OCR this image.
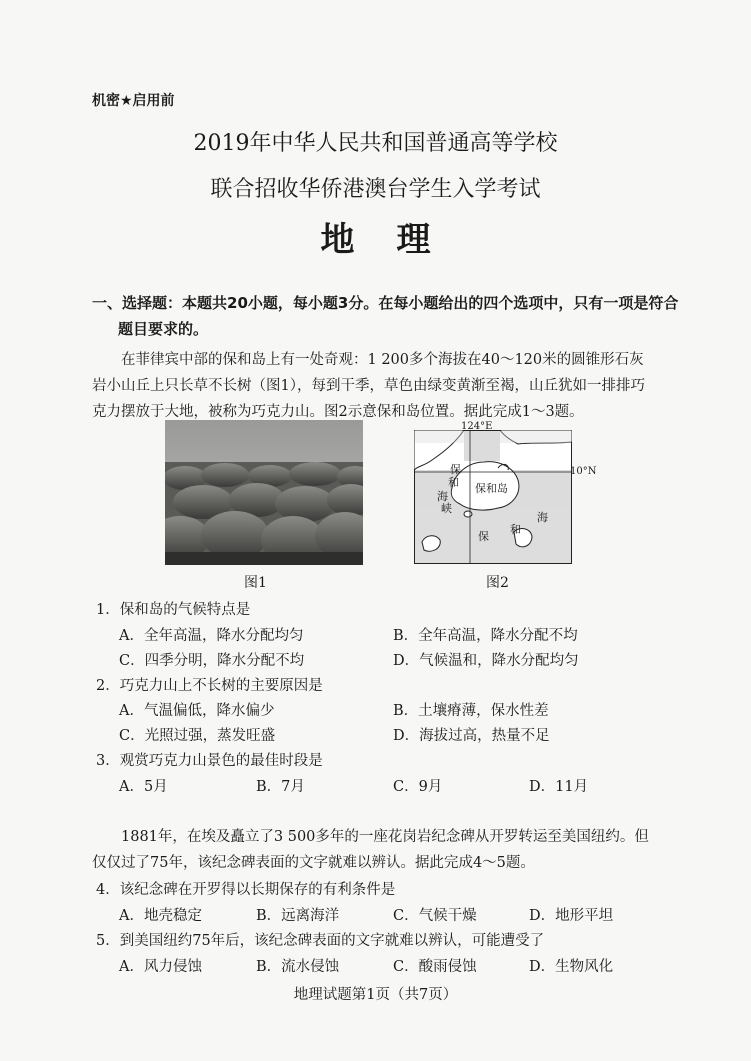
机密★启用前
2019年中华人民共和国普通高等学校
联合招收华侨港澳台学生入学考试
地理
一、选择题：本题共20小题，每小题3分。在每小题给出的四个选项中，只有一项是符合
题目要求的。
在菲律宾中部的保和岛上有一处奇观：1 200多个海拔在40～120米的圆锥形石灰
岩小山丘上只长草不长树（图1），每到干季，草色由绿变黄渐至褐，山丘犹如一排排巧
克力摆放于大地，被称为巧克力山。图2示意保和岛位置。据此完成1～3题。
图1
124°E
10°N
保和岛
保
和
海
峡
保
和
海
图2
1．保和岛的气候特点是
A．全年高温，降水分配均匀	B．全年高温，降水分配不均
C．四季分明，降水分配不均	D．气候温和，降水分配均匀
2．巧克力山上不长树的主要原因是
A．气温偏低，降水偏少	B．土壤瘠薄，保水性差
C．光照过强，蒸发旺盛	D．海拔过高，热量不足
3．观赏巧克力山景色的最佳时段是
A．5月	B．7月	C．9月	D．11月
1881年，在埃及矗立了3 500多年的一座花岗岩纪念碑从开罗转运至美国纽约。但
仅仅过了75年，该纪念碑表面的文字就难以辨认。据此完成4～5题。
4．该纪念碑在开罗得以长期保存的有利条件是
A．地壳稳定	B．远离海洋	C．气候干燥	D．地形平坦
5．到美国纽约75年后，该纪念碑表面的文字就难以辨认，可能遭受了
A．风力侵蚀	B．流水侵蚀	C．酸雨侵蚀	D．生物风化
地理试题第1页（共7页）
